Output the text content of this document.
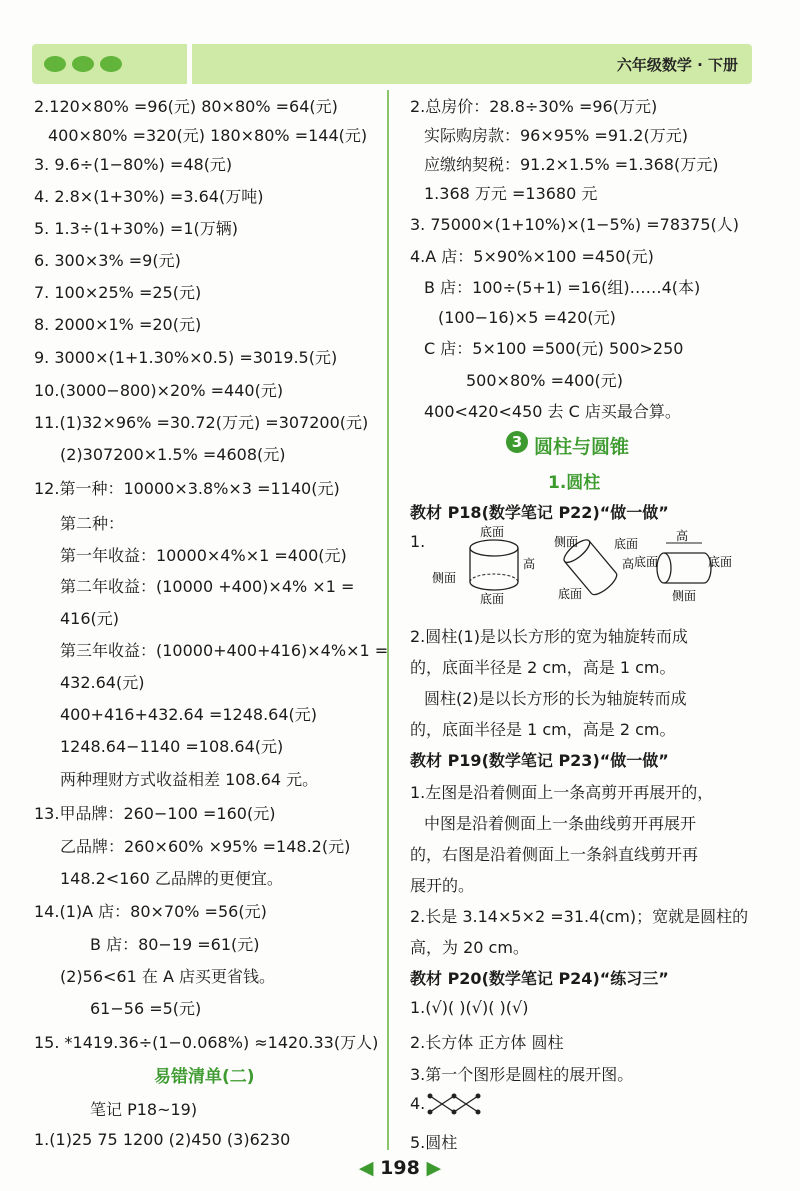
六年级数学 · 下册
2.120×80% =96(元) 80×80% =64(元)
400×80% =320(元) 180×80% =144(元)
3. 9.6÷(1−80%) =48(元)
4. 2.8×(1+30%) =3.64(万吨)
5. 1.3÷(1+30%) =1(万辆)
6. 300×3% =9(元)
7. 100×25% =25(元)
8. 2000×1% =20(元)
9. 3000×(1+1.30%×0.5) =3019.5(元)
10.(3000−800)×20% =440(元)
11.(1)32×96% =30.72(万元) =307200(元)
(2)307200×1.5% =4608(元)
12.第一种：10000×3.8%×3 =1140(元)
第二种：
第一年收益：10000×4%×1 =400(元)
第二年收益：(10000 +400)×4% ×1 =
416(元)
第三年收益：(10000+400+416)×4%×1 =
432.64(元)
400+416+432.64 =1248.64(元)
1248.64−1140 =108.64(元)
两种理财方式收益相差 108.64 元。
13.甲品牌：260−100 =160(元)
乙品牌：260×60% ×95% =148.2(元)
148.2<160 乙品牌的更便宜。
14.(1)A 店：80×70% =56(元)
B 店：80−19 =61(元)
(2)56<61 在 A 店买更省钱。
61−56 =5(元)
15. *1419.36÷(1−0.068%) ≈1420.33(万人)
易错清单(二)
笔记 P18~19)
1.(1)25 75 1200 (2)450 (3)6230
2.总房价：28.8÷30% =96(万元)
实际购房款：96×95% =91.2(万元)
应缴纳契税：91.2×1.5% =1.368(万元)
1.368 万元 =13680 元
3. 75000×(1+10%)×(1−5%) =78375(人)
4.A 店：5×90%×100 =450(元)
B 店：100÷(5+1) =16(组)……4(本)
(100−16)×5 =420(元)
C 店：5×100 =500(元) 500>250
500×80% =400(元)
400<420<450 去 C 店买最合算。
3 圆柱与圆锥
1.圆柱
教材 P18(数学笔记 P22)“做一做”
1.	底面
侧面
底面
高
侧面	底面
高
底面
高
底面	底面
侧面
2.圆柱(1)是以长方形的宽为轴旋转而成
的，底面半径是 2 cm，高是 1 cm。
圆柱(2)是以长方形的长为轴旋转而成
的，底面半径是 1 cm，高是 2 cm。
教材 P19(数学笔记 P23)“做一做”
1.左图是沿着侧面上一条高剪开再展开的，
中图是沿着侧面上一条曲线剪开再展开
的，右图是沿着侧面上一条斜直线剪开再
展开的。
2.长是 3.14×5×2 =31.4(cm)；宽就是圆柱的
高，为 20 cm。
教材 P20(数学笔记 P24)“练习三”
1.(√)( )(√)( )(√)
2.长方体 正方体 圆柱
3.第一个图形是圆柱的展开图。
4.
5.圆柱
◀ 198 ▶
